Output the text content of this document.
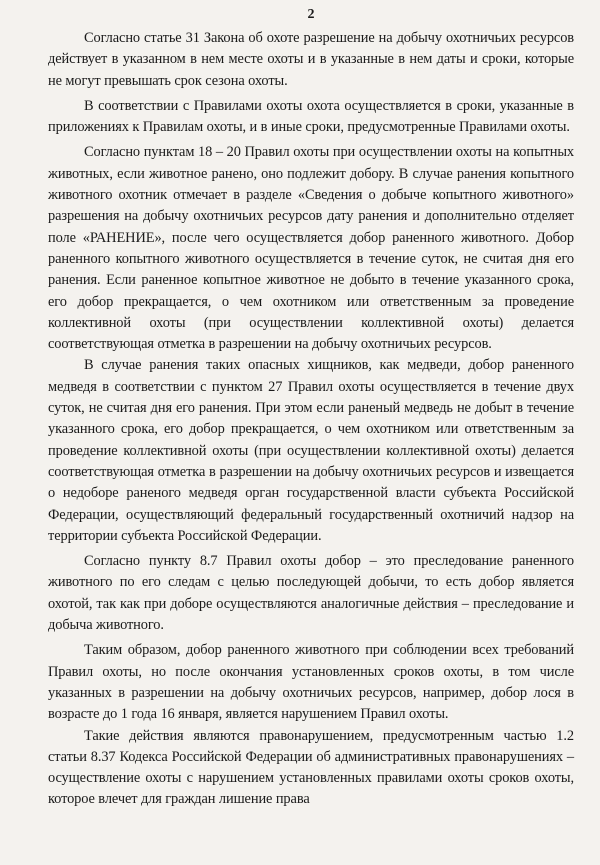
2

Согласно статье 31 Закона об охоте разрешение на добычу охотничьих ресурсов действует в указанном в нем месте охоты и в указанные в нем даты и сроки, которые не могут превышать срок сезона охоты.

В соответствии с Правилами охоты охота осуществляется в сроки, указанные в приложениях к Правилам охоты, и в иные сроки, предусмотренные Правилами охоты.

Согласно пунктам 18 – 20 Правил охоты при осуществлении охоты на копытных животных, если животное ранено, оно подлежит добору. В случае ранения копытного животного охотник отмечает в разделе «Сведения о добыче копытного животного» разрешения на добычу охотничьих ресурсов дату ранения и дополнительно отделяет поле «РАНЕНИЕ», после чего осуществляется добор раненного животного. Добор раненного копытного животного осуществляется в течение суток, не считая дня его ранения. Если раненное копытное животное не добыто в течение указанного срока, его добор прекращается, о чем охотником или ответственным за проведение коллективной охоты (при осуществлении коллективной охоты) делается соответствующая отметка в разрешении на добычу охотничьих ресурсов.

В случае ранения таких опасных хищников, как медведи, добор раненного медведя в соответствии с пунктом 27 Правил охоты осуществляется в течение двух суток, не считая дня его ранения. При этом если раненый медведь не добыт в течение указанного срока, его добор прекращается, о чем охотником или ответственным за проведение коллективной охоты (при осуществлении коллективной охоты) делается соответствующая отметка в разрешении на добычу охотничьих ресурсов и извещается о недоборе раненого медведя орган государственной власти субъекта Российской Федерации, осуществляющий федеральный государственный охотничий надзор на территории субъекта Российской Федерации.

Согласно пункту 8.7 Правил охоты добор – это преследование раненного животного по его следам с целью последующей добычи, то есть добор является охотой, так как при доборе осуществляются аналогичные действия – преследование и добыча животного.

Таким образом, добор раненного животного при соблюдении всех требований Правил охоты, но после окончания установленных сроков охоты, в том числе указанных в разрешении на добычу охотничьих ресурсов, например, добор лося в возрасте до 1 года 16 января, является нарушением Правил охоты.

Такие действия являются правонарушением, предусмотренным частью 1.2 статьи 8.37 Кодекса Российской Федерации об административных правонарушениях – осуществление охоты с нарушением установленных правилами охоты сроков охоты, которое влечет для граждан лишение права
